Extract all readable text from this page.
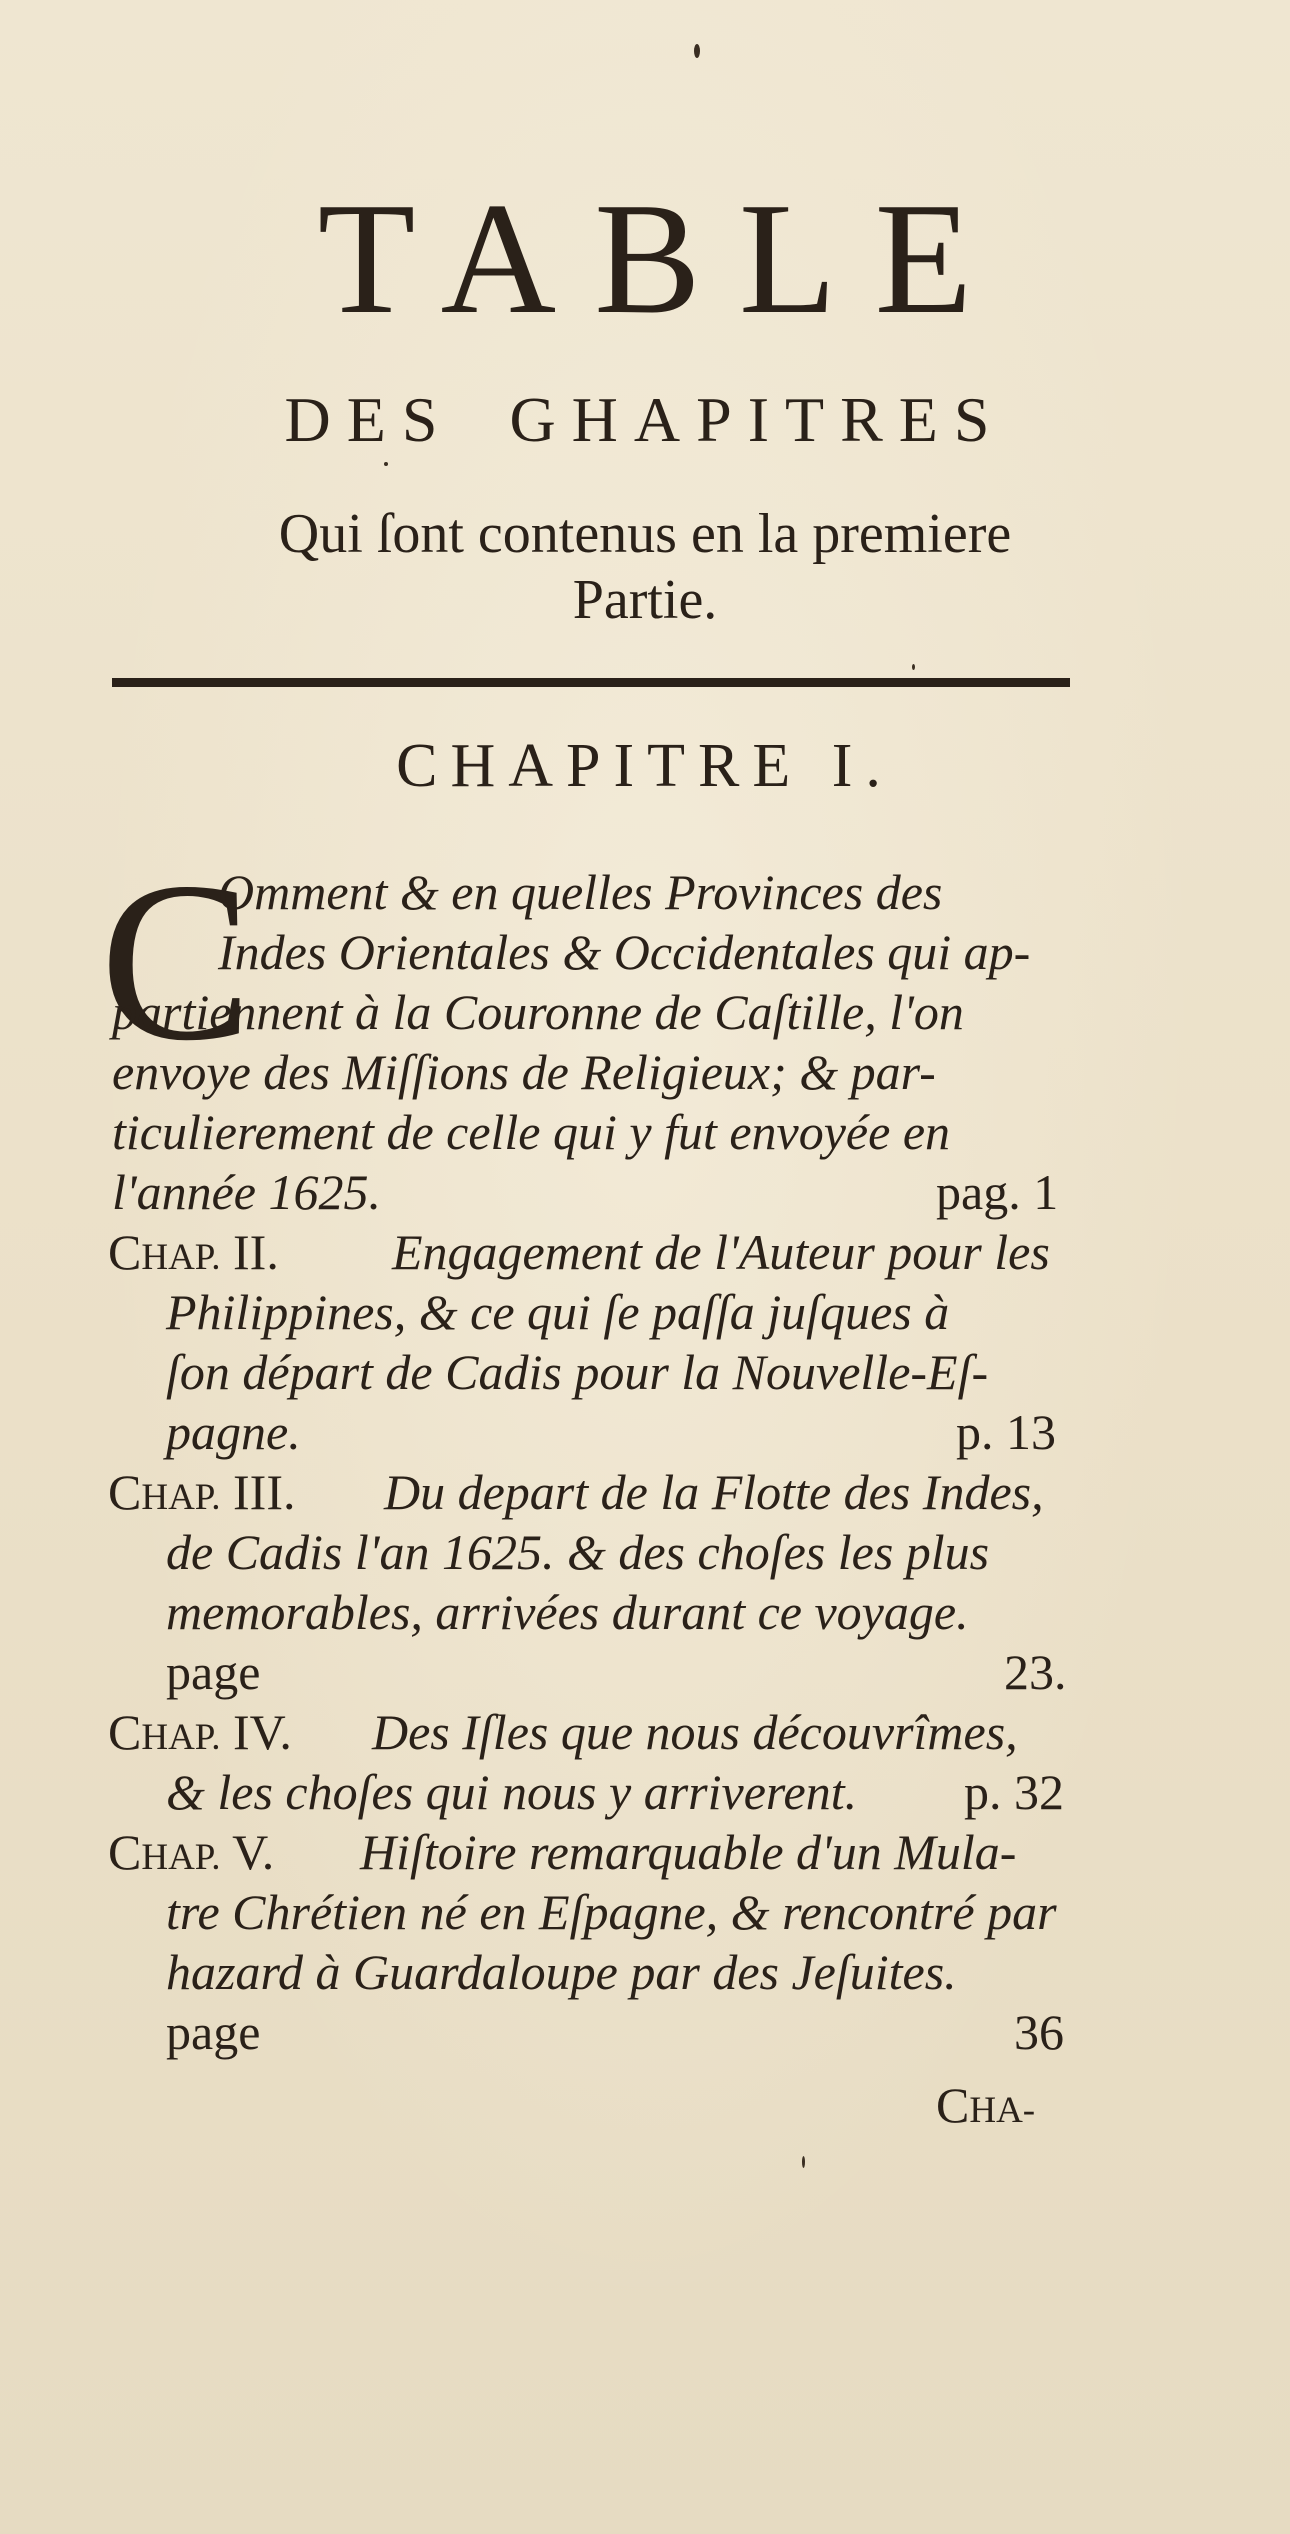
TABLE
DES GHAPITRES
Qui ſont contenus en la premiere
Partie.
CHAPITRE I.
C
Omment & en quelles Provinces des
Indes Orientales & Occidentales qui ap-
partiennent à la Couronne de Caſtille, l'on
envoye des Miſſions de Religieux; & par-
ticulierement de celle qui y fut envoyée en
l'année 1625.	pag. 1
CHAP. II. Engagement de l'Auteur pour les
Philippines, & ce qui ſe paſſa juſques à
ſon départ de Cadis pour la Nouvelle-Eſ-
pagne.	p. 13
CHAP. III. Du depart de la Flotte des Indes,
de Cadis l'an 1625. & des choſes les plus
memorables, arrivées durant ce voyage.
page	23.
CHAP. IV. Des Iſles que nous découvrîmes,
& les choſes qui nous y arriverent. p. 32
CHAP. V. Hiſtoire remarquable d'un Mula-
tre Chrétien né en Eſpagne, & rencontré par
hazard à Guardaloupe par des Jeſuites.
page	36
CHA-
